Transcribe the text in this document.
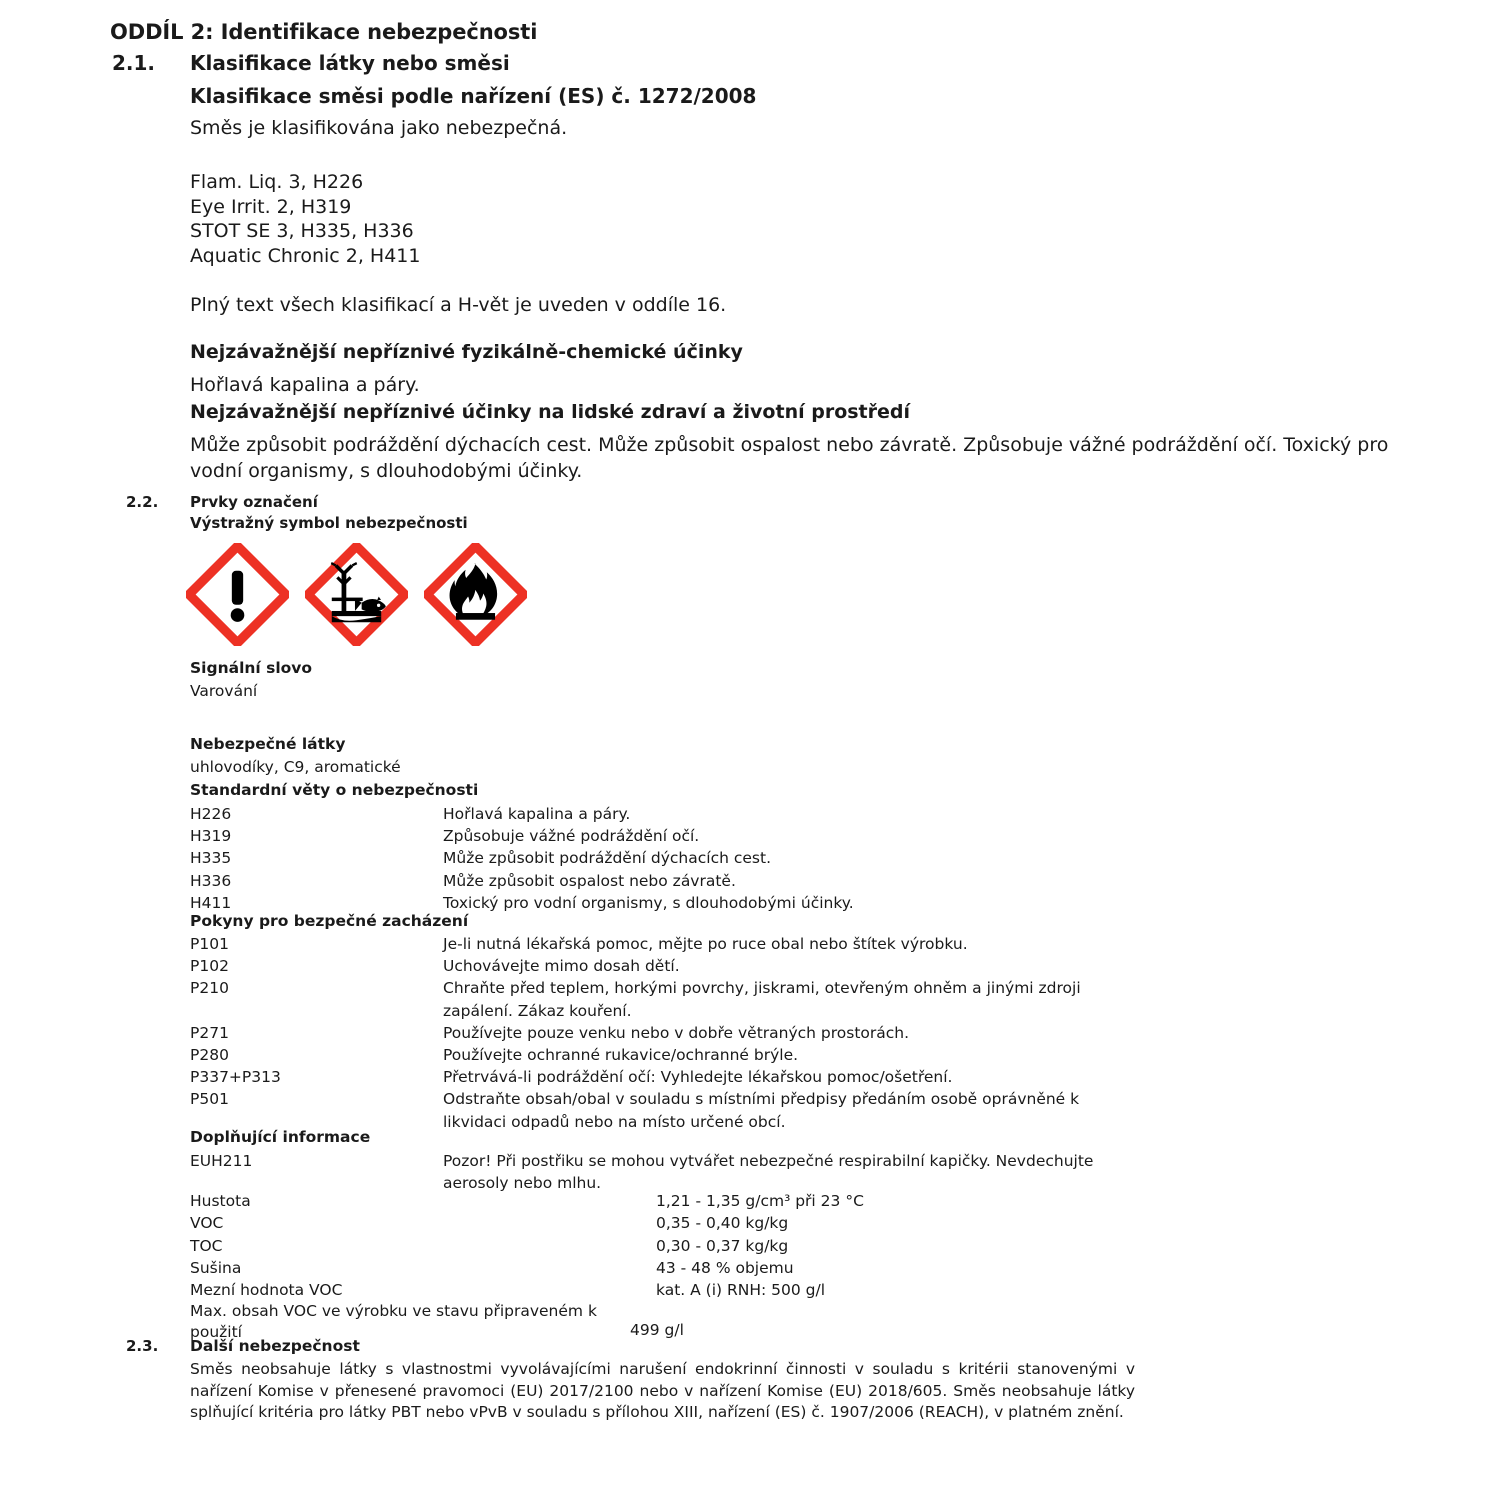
ODDÍL 2: Identifikace nebezpečnosti
2.1. Klasifikace látky nebo směsi
Klasifikace směsi podle nařízení (ES) č. 1272/2008
Směs je klasifikována jako nebezpečná.
Flam. Liq. 3, H226
Eye Irrit. 2, H319
STOT SE 3, H335, H336
Aquatic Chronic 2, H411
Plný text všech klasifikací a H-vět je uveden v oddíle 16.
Nejzávažnější nepříznivé fyzikálně-chemické účinky
Hořlavá kapalina a páry.
Nejzávažnější nepříznivé účinky na lidské zdraví a životní prostředí
Může způsobit podráždění dýchacích cest. Může způsobit ospalost nebo závratě. Způsobuje vážné podráždění očí. Toxický pro vodní organismy, s dlouhodobými účinky.
2.2. Prvky označení
Výstražný symbol nebezpečnosti
Signální slovo
Varování
Nebezpečné látky
uhlovodíky, C9, aromatické
Standardní věty o nebezpečnosti
H226	Hořlavá kapalina a páry.
H319	Způsobuje vážné podráždění očí.
H335	Může způsobit podráždění dýchacích cest.
H336	Může způsobit ospalost nebo závratě.
H411	Toxický pro vodní organismy, s dlouhodobými účinky.
Pokyny pro bezpečné zacházení
P101	Je-li nutná lékařská pomoc, mějte po ruce obal nebo štítek výrobku.
P102	Uchovávejte mimo dosah dětí.
P210	Chraňte před teplem, horkými povrchy, jiskrami, otevřeným ohněm a jinými zdroji zapálení. Zákaz kouření.
P271	Používejte pouze venku nebo v dobře větraných prostorách.
P280	Používejte ochranné rukavice/ochranné brýle.
P337+P313	Přetrvává-li podráždění očí: Vyhledejte lékařskou pomoc/ošetření.
P501	Odstraňte obsah/obal v souladu s místními předpisy předáním osobě oprávněné k likvidaci odpadů nebo na místo určené obcí.
Doplňující informace
EUH211	Pozor! Při postřiku se mohou vytvářet nebezpečné respirabilní kapičky. Nevdechujte aerosoly nebo mlhu.
Hustota	1,21 - 1,35 g/cm³ při 23 °C
VOC	0,35 - 0,40 kg/kg
TOC	0,30 - 0,37 kg/kg
Sušina	43 - 48 % objemu
Mezní hodnota VOC	kat. A (i) RNH: 500 g/l
Max. obsah VOC ve výrobku ve stavu připraveném k použití	499 g/l
2.3. Další nebezpečnost
Směs neobsahuje látky s vlastnostmi vyvolávajícími narušení endokrinní činnosti v souladu s kritérii stanovenými v nařízení Komise v přenesené pravomoci (EU) 2017/2100 nebo v nařízení Komise (EU) 2018/605. Směs neobsahuje látky splňující kritéria pro látky PBT nebo vPvB v souladu s přílohou XIII, nařízení (ES) č. 1907/2006 (REACH), v platném znění.
